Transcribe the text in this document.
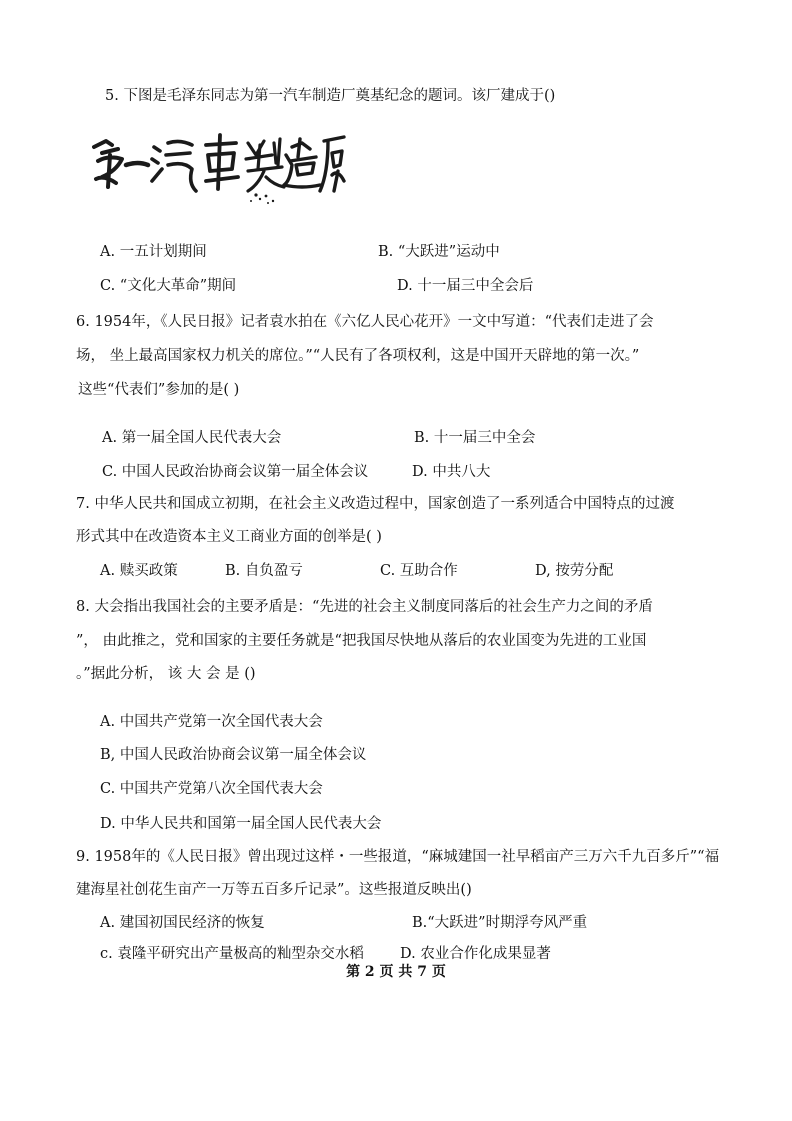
5. 下图是毛泽东同志为第一汽车制造厂奠基纪念的题词。该厂建成于()
A. 一五计划期间	B. “大跃进”运动中
C. “文化大革命”期间	D. 十一届三中全会后
6. 1954年，《人民日报》记者袁水拍在《六亿人民心花开》一文中写道：“代表们走进了会
场， 坐上最高国家权力机关的席位。”“人民有了各项权利，这是中国开天辟地的第一次。”
这些“代表们”参加的是( )
A. 第一届全国人民代表大会	B. 十一届三中全会
C. 中国人民政治协商会议第一届全体会议	D. 中共八大
7. 中华人民共和国成立初期，在社会主义改造过程中，国家创造了一系列适合中国特点的过渡
形式其中在改造资本主义工商业方面的创举是( )
A. 赎买政策	B. 自负盈亏	C. 互助合作	D, 按劳分配
8. 大会指出我国社会的主要矛盾是：“先进的社会主义制度同落后的社会生产力之间的矛盾
”， 由此推之，党和国家的主要任务就是“把我国尽快地从落后的农业国变为先进的工业国
。”据此分析， 该 大 会 是 ()
A. 中国共产党第一次全国代表大会
B, 中国人民政治协商会议第一届全体会议
C. 中国共产党第八次全国代表大会
D. 中华人民共和国第一届全国人民代表大会
9. 1958年的《人民日报》曾出现过这样・一些报道，“麻城建国一社早稻亩产三万六千九百多斤”“福
建海星社创花生亩产一万等五百多斤记录”。这些报道反映出()
A. 建国初国民经济的恢复	B.“大跃进”时期浮夸风严重
c. 袁隆平研究出产量极高的籼型杂交水稻 D. 农业合作化成果显著
第 2 页 共 7 页
